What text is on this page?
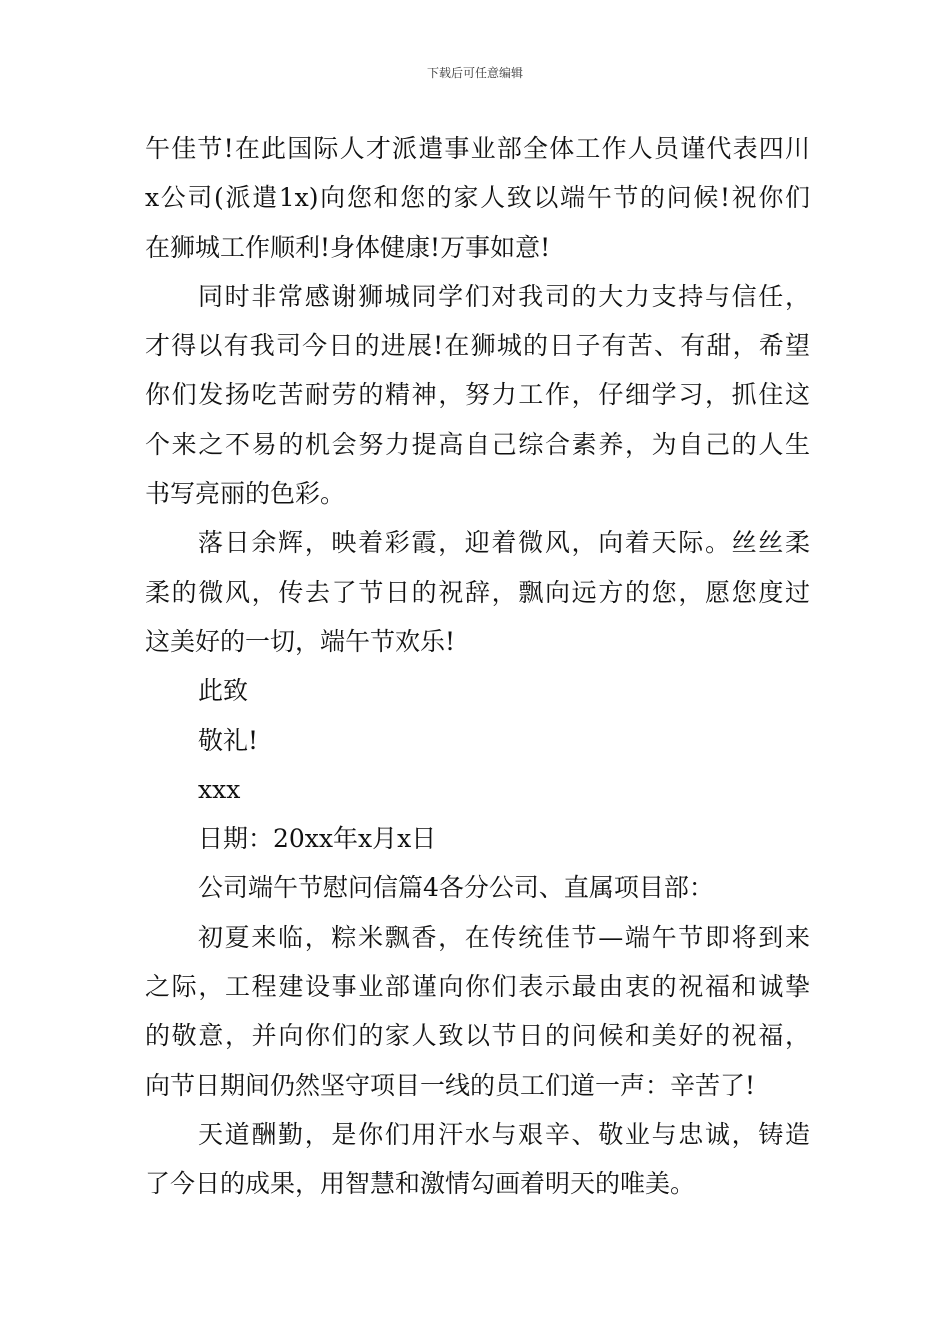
下载后可任意编辑
午佳节!在此国际人才派遣事业部全体工作人员谨代表四川
x公司(派遣1x)向您和您的家人致以端午节的问候!祝你们
在狮城工作顺利!身体健康!万事如意!
同时非常感谢狮城同学们对我司的大力支持与信任，
才得以有我司今日的进展!在狮城的日子有苦、有甜，希望
你们发扬吃苦耐劳的精神，努力工作，仔细学习，抓住这
个来之不易的机会努力提高自己综合素养，为自己的人生
书写亮丽的色彩。
落日余辉，映着彩霞，迎着微风，向着天际。丝丝柔
柔的微风，传去了节日的祝辞，飘向远方的您，愿您度过
这美好的一切，端午节欢乐!
此致
敬礼!
xxx
日期：20xx年x月x日
公司端午节慰问信篇4各分公司、直属项目部：
初夏来临，粽米飘香，在传统佳节—端午节即将到来
之际，工程建设事业部谨向你们表示最由衷的祝福和诚挚
的敬意，并向你们的家人致以节日的问候和美好的祝福，
向节日期间仍然坚守项目一线的员工们道一声：辛苦了!
天道酬勤，是你们用汗水与艰辛、敬业与忠诚，铸造
了今日的成果，用智慧和激情勾画着明天的唯美。
